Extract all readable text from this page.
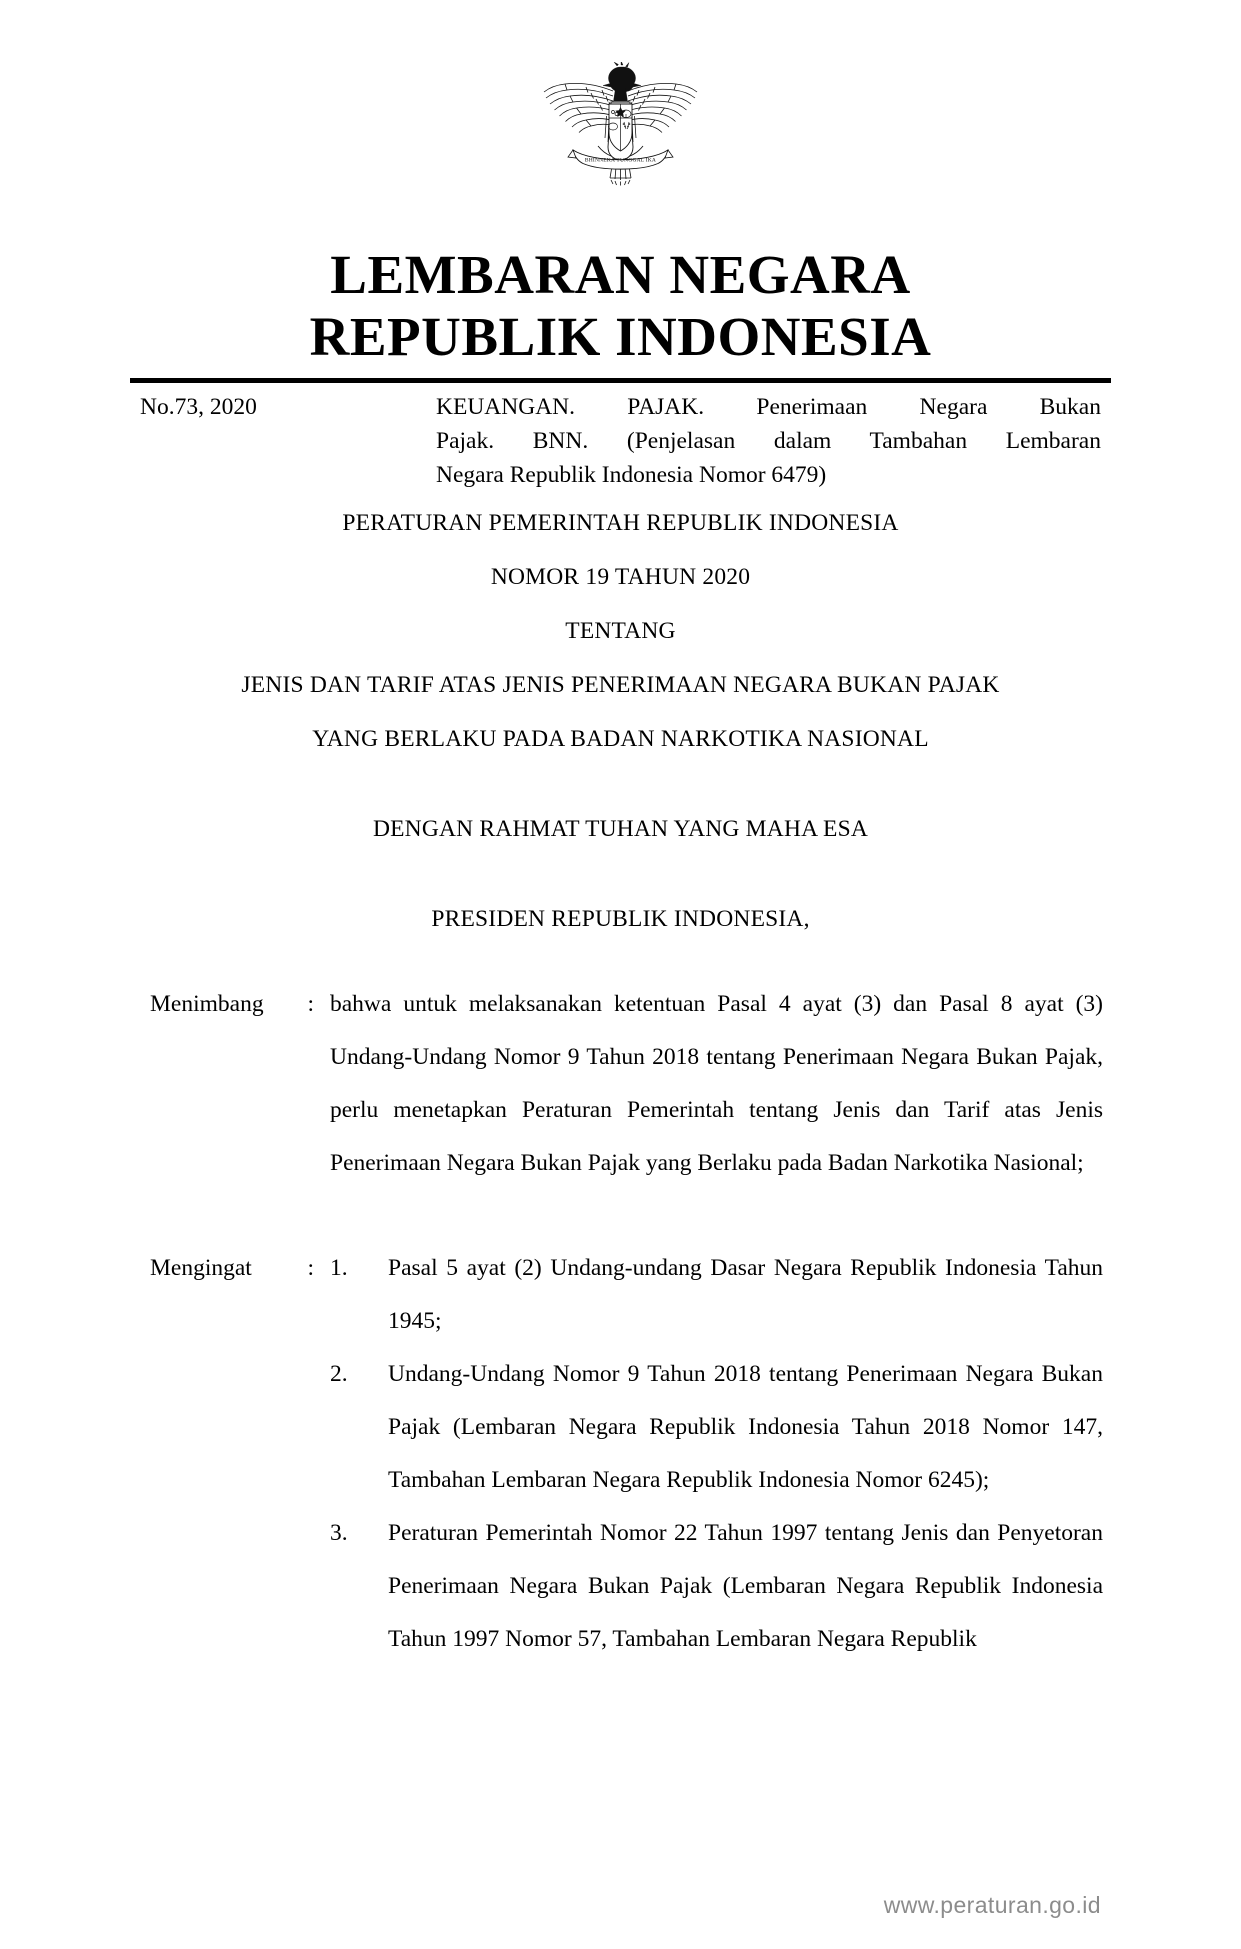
BHINNEKA TUNGGAL IKA
LEMBARAN NEGARA
REPUBLIK INDONESIA
No.73, 2020	KEUANGAN. PAJAK. Penerimaan Negara Bukan
Pajak. BNN. (Penjelasan dalam Tambahan Lembaran
Negara Republik Indonesia Nomor 6479)
PERATURAN PEMERINTAH REPUBLIK INDONESIA
NOMOR 19 TAHUN 2020
TENTANG
JENIS DAN TARIF ATAS JENIS PENERIMAAN NEGARA BUKAN PAJAK
YANG BERLAKU PADA BADAN NARKOTIKA NASIONAL
DENGAN RAHMAT TUHAN YANG MAHA ESA
PRESIDEN REPUBLIK INDONESIA,
Menimbang : bahwa untuk melaksanakan ketentuan Pasal 4 ayat (3) dan Pasal 8 ayat (3) Undang-Undang Nomor 9 Tahun 2018 tentang Penerimaan Negara Bukan Pajak, perlu menetapkan Peraturan Pemerintah tentang Jenis dan Tarif atas Jenis Penerimaan Negara Bukan Pajak yang Berlaku pada Badan Narkotika Nasional;

Mengingat : 1.	Pasal 5 ayat (2) Undang-undang Dasar Negara Republik Indonesia Tahun 1945;
2.	Undang-Undang Nomor 9 Tahun 2018 tentang Penerimaan Negara Bukan Pajak (Lembaran Negara Republik Indonesia Tahun 2018 Nomor 147, Tambahan Lembaran Negara Republik Indonesia Nomor 6245);
3.	Peraturan Pemerintah Nomor 22 Tahun 1997 tentang Jenis dan Penyetoran Penerimaan Negara Bukan Pajak (Lembaran Negara Republik Indonesia Tahun 1997 Nomor 57, Tambahan Lembaran Negara Republik
www.peraturan.go.id
